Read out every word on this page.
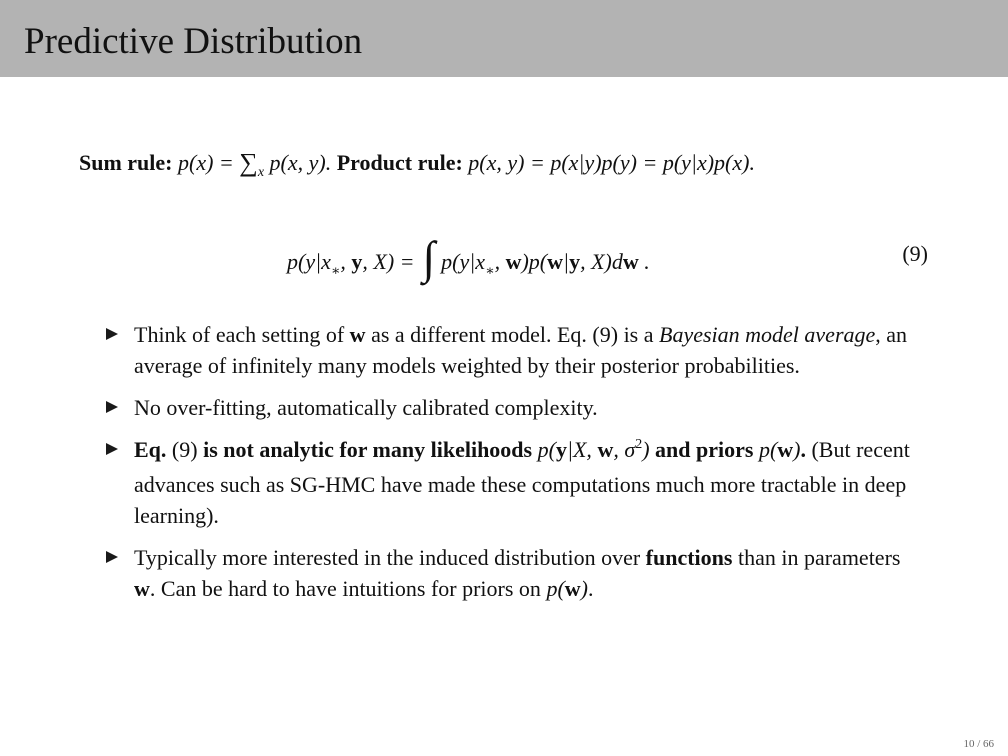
Predictive Distribution
Sum rule: $p(x) = \sum_x$ p(x, y). Product rule: p(x, y) = p(x|y)p(y) = p(y|x)p(x).
$p(y|x_∗$, y, X) = ∫ $p(y|x_∗$, w)p(w|y, X)dw .	(9)
Think of each setting of w as a different model. Eq. (9) is a Bayesian model average, an average of infinitely many models weighted by their posterior probabilities.
No over-fitting, automatically calibrated complexity.
Eq. (9) is not analytic for many likelihoods p(y|X, w, $\sigma^2$) and priors p(w). (But recent advances such as SG-HMC have made these computations much more tractable in deep learning).
Typically more interested in the induced distribution over functions than in parameters w. Can be hard to have intuitions for priors on p(w).
10 / 66
